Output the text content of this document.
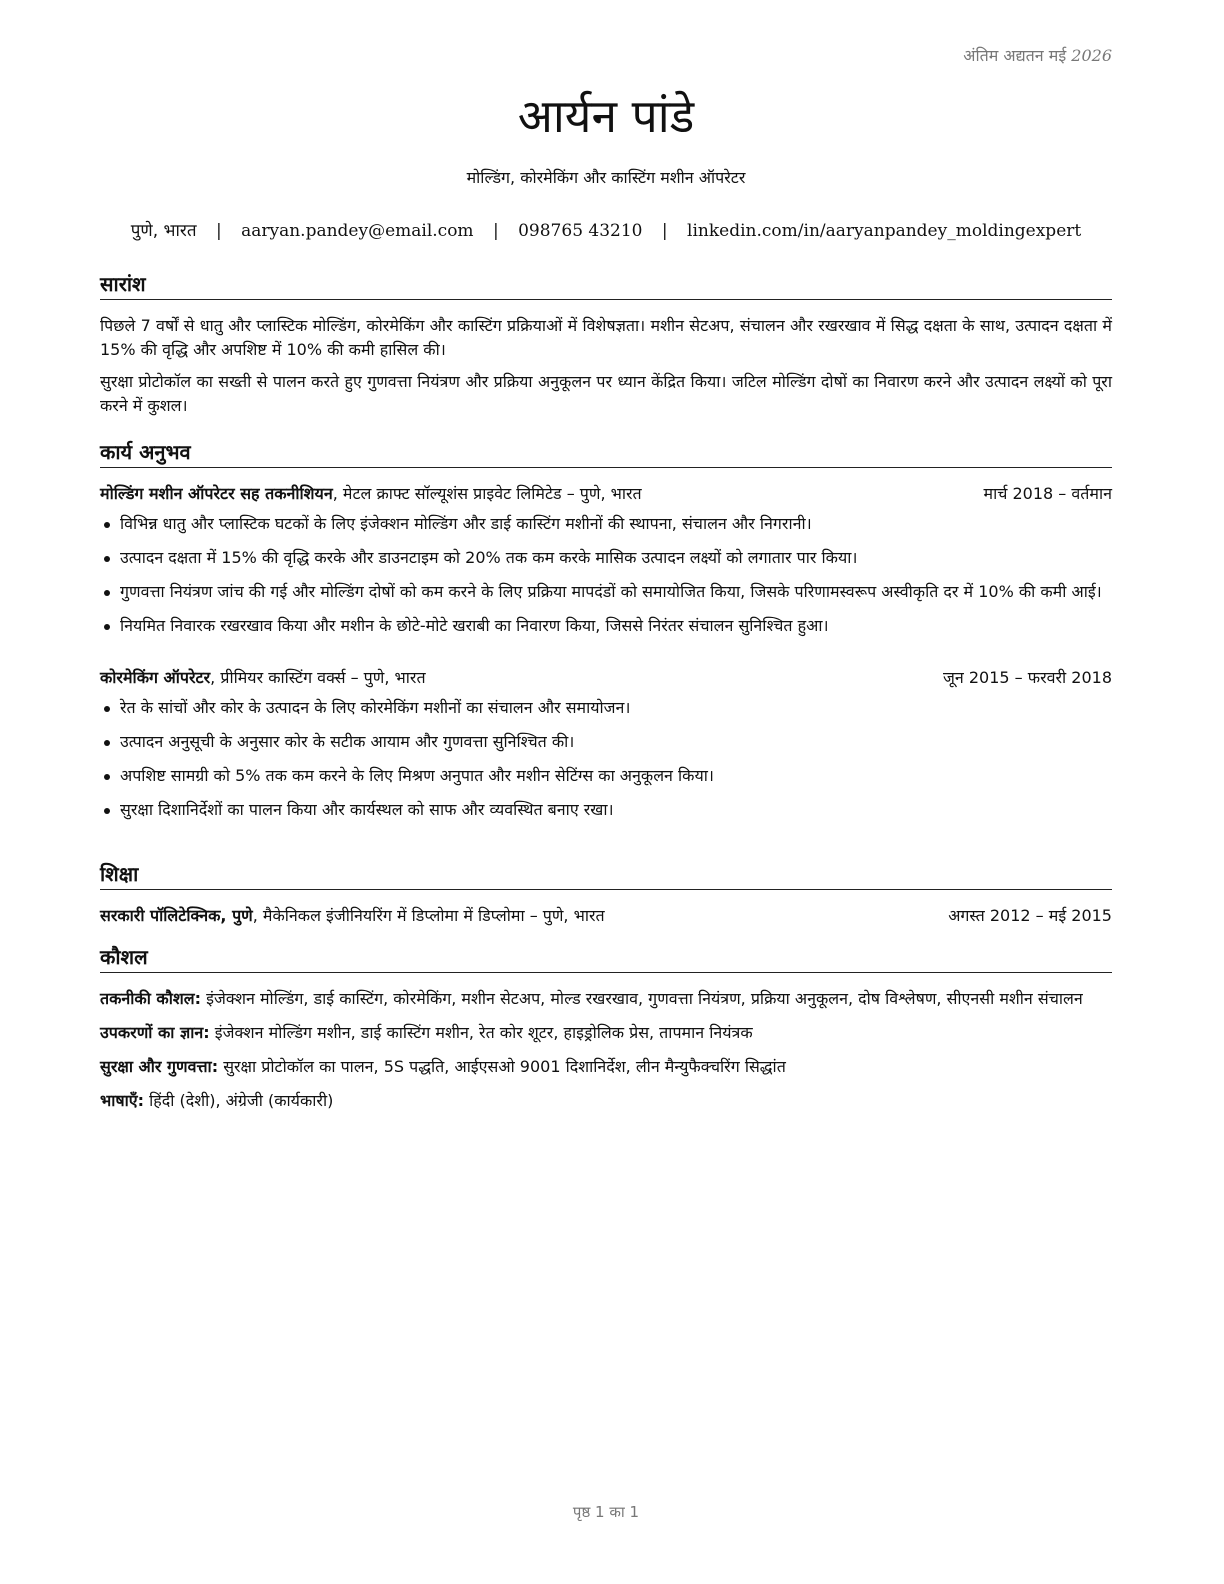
अंतिम अद्यतन मई 2026
आर्यन पांडे
मोल्डिंग, कोरमेकिंग और कास्टिंग मशीन ऑपरेटर
पुणे, भारत | aaryan.pandey@email.com | 098765 43210 | linkedin.com/in/aaryanpandey_moldingexpert
सारांश

पिछले 7 वर्षों से धातु और प्लास्टिक मोल्डिंग, कोरमेकिंग और कास्टिंग प्रक्रियाओं में विशेषज्ञता। मशीन सेटअप, संचालन और रखरखाव में सिद्ध दक्षता के साथ, उत्पादन दक्षता में 15% की वृद्धि और अपशिष्ट में 10% की कमी हासिल की।

सुरक्षा प्रोटोकॉल का सख्ती से पालन करते हुए गुणवत्ता नियंत्रण और प्रक्रिया अनुकूलन पर ध्यान केंद्रित किया। जटिल मोल्डिंग दोषों का निवारण करने और उत्पादन लक्ष्यों को पूरा करने में कुशल।

कार्य अनुभव
मोल्डिंग मशीन ऑपरेटर सह तकनीशियन, मेटल क्राफ्ट सॉल्यूशंस प्राइवेट लिमिटेड – पुणे, भारत	मार्च 2018 – वर्तमान
विभिन्न धातु और प्लास्टिक घटकों के लिए इंजेक्शन मोल्डिंग और डाई कास्टिंग मशीनों की स्थापना, संचालन और निगरानी।
उत्पादन दक्षता में 15% की वृद्धि करके और डाउनटाइम को 20% तक कम करके मासिक उत्पादन लक्ष्यों को लगातार पार किया।
गुणवत्ता नियंत्रण जांच की गई और मोल्डिंग दोषों को कम करने के लिए प्रक्रिया मापदंडों को समायोजित किया, जिसके परिणामस्वरूप अस्वीकृति दर में 10% की कमी आई।
नियमित निवारक रखरखाव किया और मशीन के छोटे-मोटे खराबी का निवारण किया, जिससे निरंतर संचालन सुनिश्चित हुआ।
कोरमेकिंग ऑपरेटर, प्रीमियर कास्टिंग वर्क्स – पुणे, भारत	जून 2015 – फरवरी 2018
रेत के सांचों और कोर के उत्पादन के लिए कोरमेकिंग मशीनों का संचालन और समायोजन।
उत्पादन अनुसूची के अनुसार कोर के सटीक आयाम और गुणवत्ता सुनिश्चित की।
अपशिष्ट सामग्री को 5% तक कम करने के लिए मिश्रण अनुपात और मशीन सेटिंग्स का अनुकूलन किया।
सुरक्षा दिशानिर्देशों का पालन किया और कार्यस्थल को साफ और व्यवस्थित बनाए रखा।
शिक्षा
सरकारी पॉलिटेक्निक, पुणे, मैकेनिकल इंजीनियरिंग में डिप्लोमा में डिप्लोमा – पुणे, भारत	अगस्त 2012 – मई 2015
कौशल

तकनीकी कौशल: इंजेक्शन मोल्डिंग, डाई कास्टिंग, कोरमेकिंग, मशीन सेटअप, मोल्ड रखरखाव, गुणवत्ता नियंत्रण, प्रक्रिया अनुकूलन, दोष विश्लेषण, सीएनसी मशीन संचालन

उपकरणों का ज्ञान: इंजेक्शन मोल्डिंग मशीन, डाई कास्टिंग मशीन, रेत कोर शूटर, हाइड्रोलिक प्रेस, तापमान नियंत्रक

सुरक्षा और गुणवत्ता: सुरक्षा प्रोटोकॉल का पालन, 5S पद्धति, आईएसओ 9001 दिशानिर्देश, लीन मैन्युफैक्चरिंग सिद्धांत

भाषाएँ: हिंदी (देशी), अंग्रेजी (कार्यकारी)

पृष्ठ 1 का 1
